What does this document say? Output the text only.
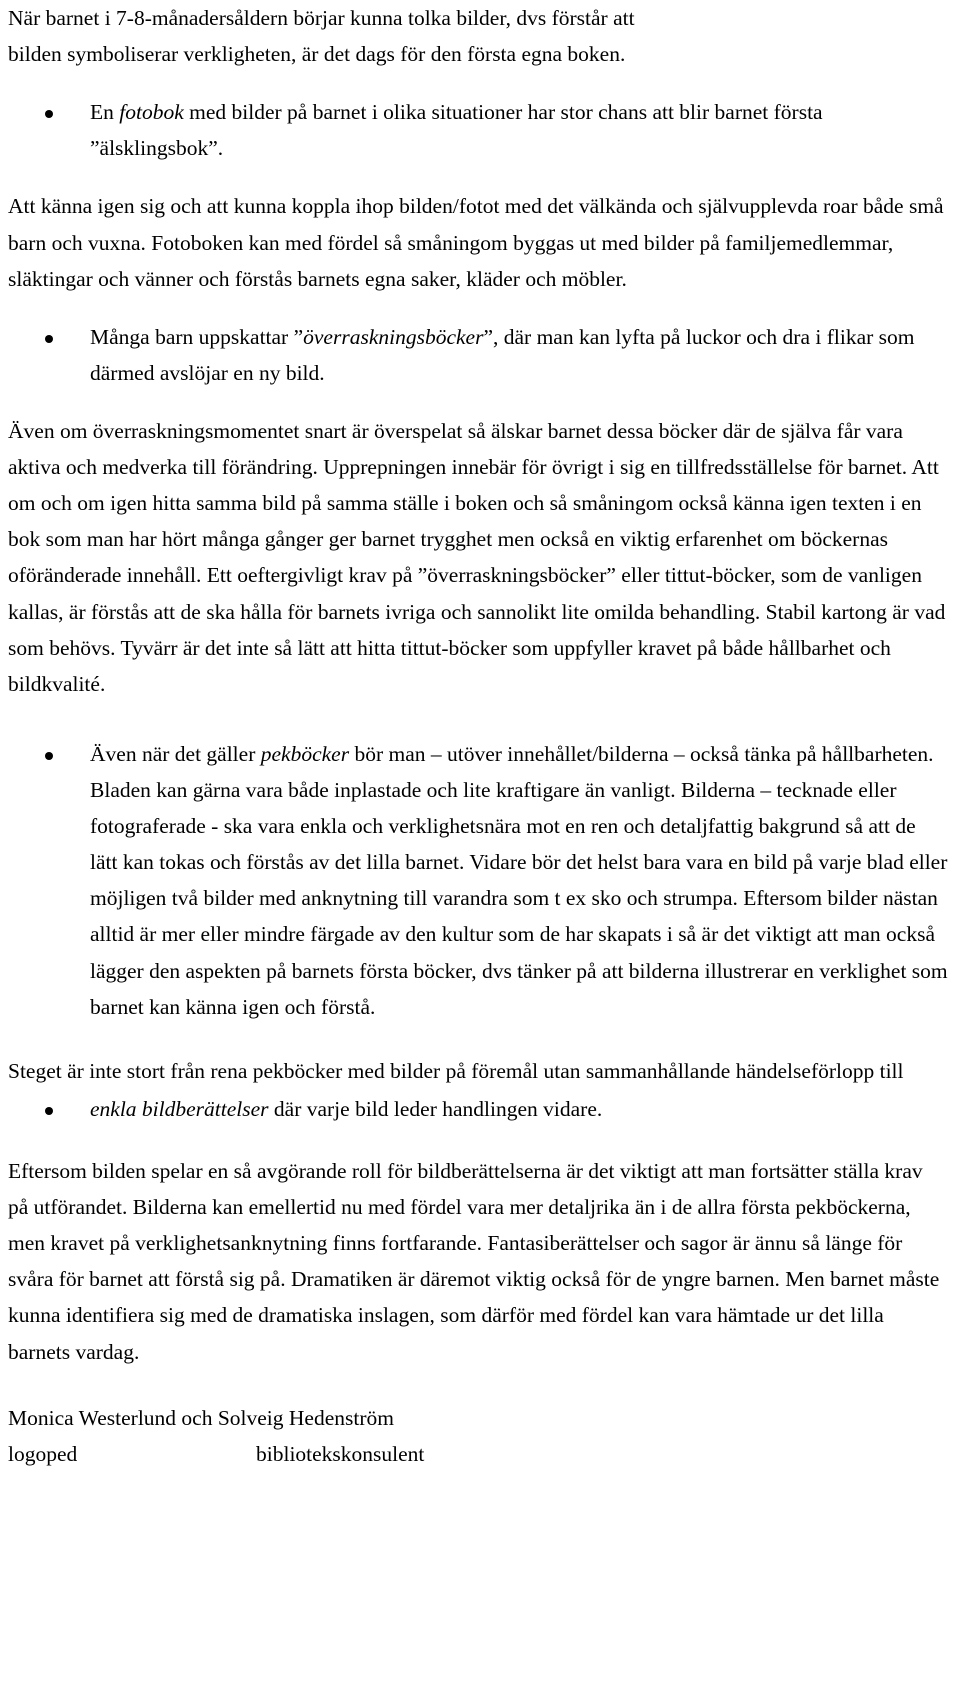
När barnet i 7-8-månadersåldern börjar kunna tolka bilder, dvs förstår att
bilden symboliserar verkligheten, är det dags för den första egna boken.

En fotobok med bilder på barnet i olika situationer har stor chans att blir barnet första ”älsklingsbok”.

Att känna igen sig och att kunna koppla ihop bilden/fotot med det välkända och självupplevda roar både små barn och vuxna. Fotoboken kan med fördel så småningom byggas ut med bilder på familjemedlemmar, släktingar och vänner och förstås barnets egna saker, kläder och möbler.

Många barn uppskattar ”överraskningsböcker”, där man kan lyfta på luckor och dra i flikar som därmed avslöjar en ny bild.

Även om överraskningsmomentet snart är överspelat så älskar barnet dessa böcker där de själva får vara aktiva och medverka till förändring. Upprepningen innebär för övrigt i sig en tillfredsställelse för barnet. Att om och om igen hitta samma bild på samma ställe i boken och så småningom också känna igen texten i en bok som man har hört många gånger ger barnet trygghet men också en viktig erfarenhet om böckernas oföränderade innehåll. Ett oeftergivligt krav på ”överraskningsböcker” eller tittut-böcker, som de vanligen kallas, är förstås att de ska hålla för barnets ivriga och sannolikt lite omilda behandling. Stabil kartong är vad som behövs. Tyvärr är det inte så lätt att hitta tittut-böcker som uppfyller kravet på både hållbarhet och bildkvalité.

Även när det gäller pekböcker bör man – utöver innehållet/bilderna – också tänka på hållbarheten. Bladen kan gärna vara både inplastade och lite kraftigare än vanligt. Bilderna – tecknade eller fotograferade - ska vara enkla och verklighetsnära mot en ren och detaljfattig bakgrund så att de lätt kan tokas och förstås av det lilla barnet. Vidare bör det helst bara vara en bild på varje blad eller möjligen två bilder med anknytning till varandra som t ex sko och strumpa. Eftersom bilder nästan alltid är mer eller mindre färgade av den kultur som de har skapats i så är det viktigt att man också lägger den aspekten på barnets första böcker, dvs tänker på att bilderna illustrerar en verklighet som barnet kan känna igen och förstå.

Steget är inte stort från rena pekböcker med bilder på föremål utan sammanhållande händelseförlopp till

enkla bildberättelser där varje bild leder handlingen vidare.

Eftersom bilden spelar en så avgörande roll för bildberättelserna är det viktigt att man fortsätter ställa krav på utförandet. Bilderna kan emellertid nu med fördel vara mer detaljrika än i de allra första pekböckerna, men kravet på verklighetsanknytning finns fortfarande. Fantasiberättelser och sagor är ännu så länge för svåra för barnet att förstå sig på. Dramatiken är däremot viktig också för de yngre barnen. Men barnet måste kunna identifiera sig med de dramatiska inslagen, som därför med fördel kan vara hämtade ur det lilla barnets vardag.

Monica Westerlund och Solveig Hedenström

logoped	bibliotekskonsulent
